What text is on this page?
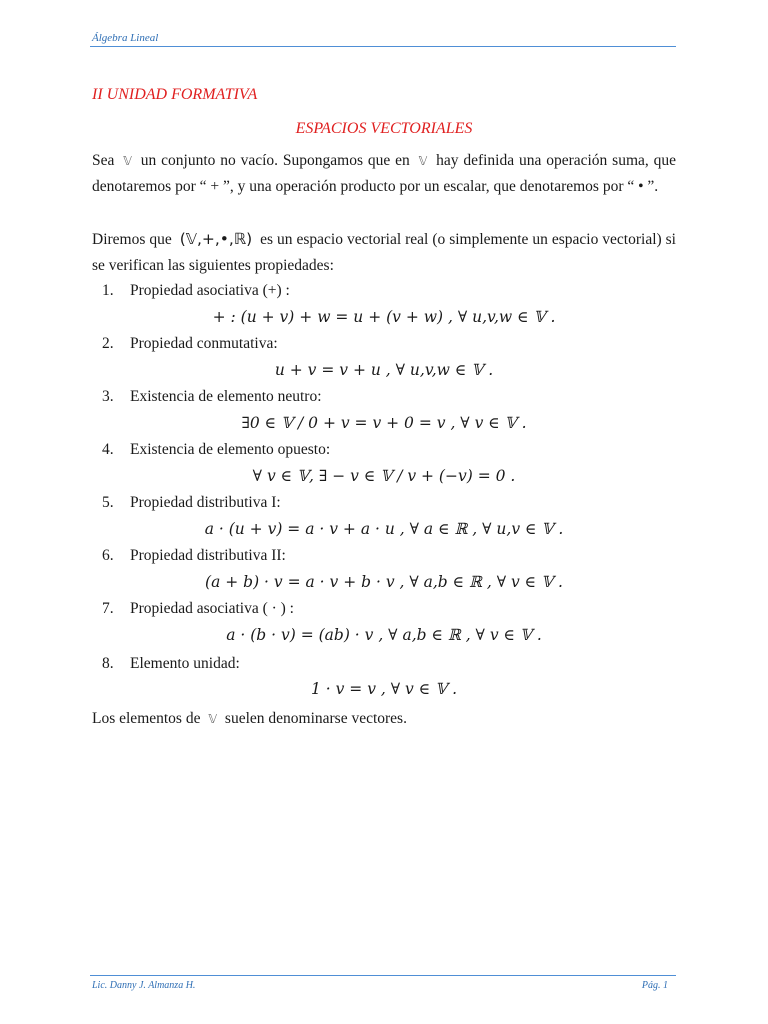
Álgebra Lineal
II UNIDAD FORMATIVA
ESPACIOS VECTORIALES
Sea 𝕍 un conjunto no vacío. Supongamos que en 𝕍 hay definida una operación suma, que denotaremos por “ + ”, y una operación producto por un escalar, que denotaremos por “ • ”.
Diremos que (𝕍,+,•,ℝ) es un espacio vectorial real (o simplemente un espacio vectorial) si se verifican las siguientes propiedades:
1. Propiedad asociativa (+) :
+ : (u + v) + w = u + (v + w) , ∀ u,v,w ∈ 𝕍 .
2. Propiedad conmutativa:
u + v = v + u , ∀ u,v,w ∈ 𝕍 .
3. Existencia de elemento neutro:
∃0 ∈ 𝕍 / 0 + v = v + 0 = v , ∀ v ∈ 𝕍 .
4. Existencia de elemento opuesto:
∀ v ∈ 𝕍, ∃ − v ∈ 𝕍 / v + (−v) = 0 .
5. Propiedad distributiva I:
a · (u + v) = a · v + a · u , ∀ a ∈ ℝ , ∀ u,v ∈ 𝕍 .
6. Propiedad distributiva II:
(a + b) · v = a · v + b · v , ∀ a,b ∈ ℝ , ∀ v ∈ 𝕍 .
7. Propiedad asociativa ( · ) :
a · (b · v) = (ab) · v , ∀ a,b ∈ ℝ , ∀ v ∈ 𝕍 .
8. Elemento unidad:
1 · v = v , ∀ v ∈ 𝕍 .
Los elementos de 𝕍 suelen denominarse vectores.
Lic. Danny J. Almanza H.	Pág. 1
